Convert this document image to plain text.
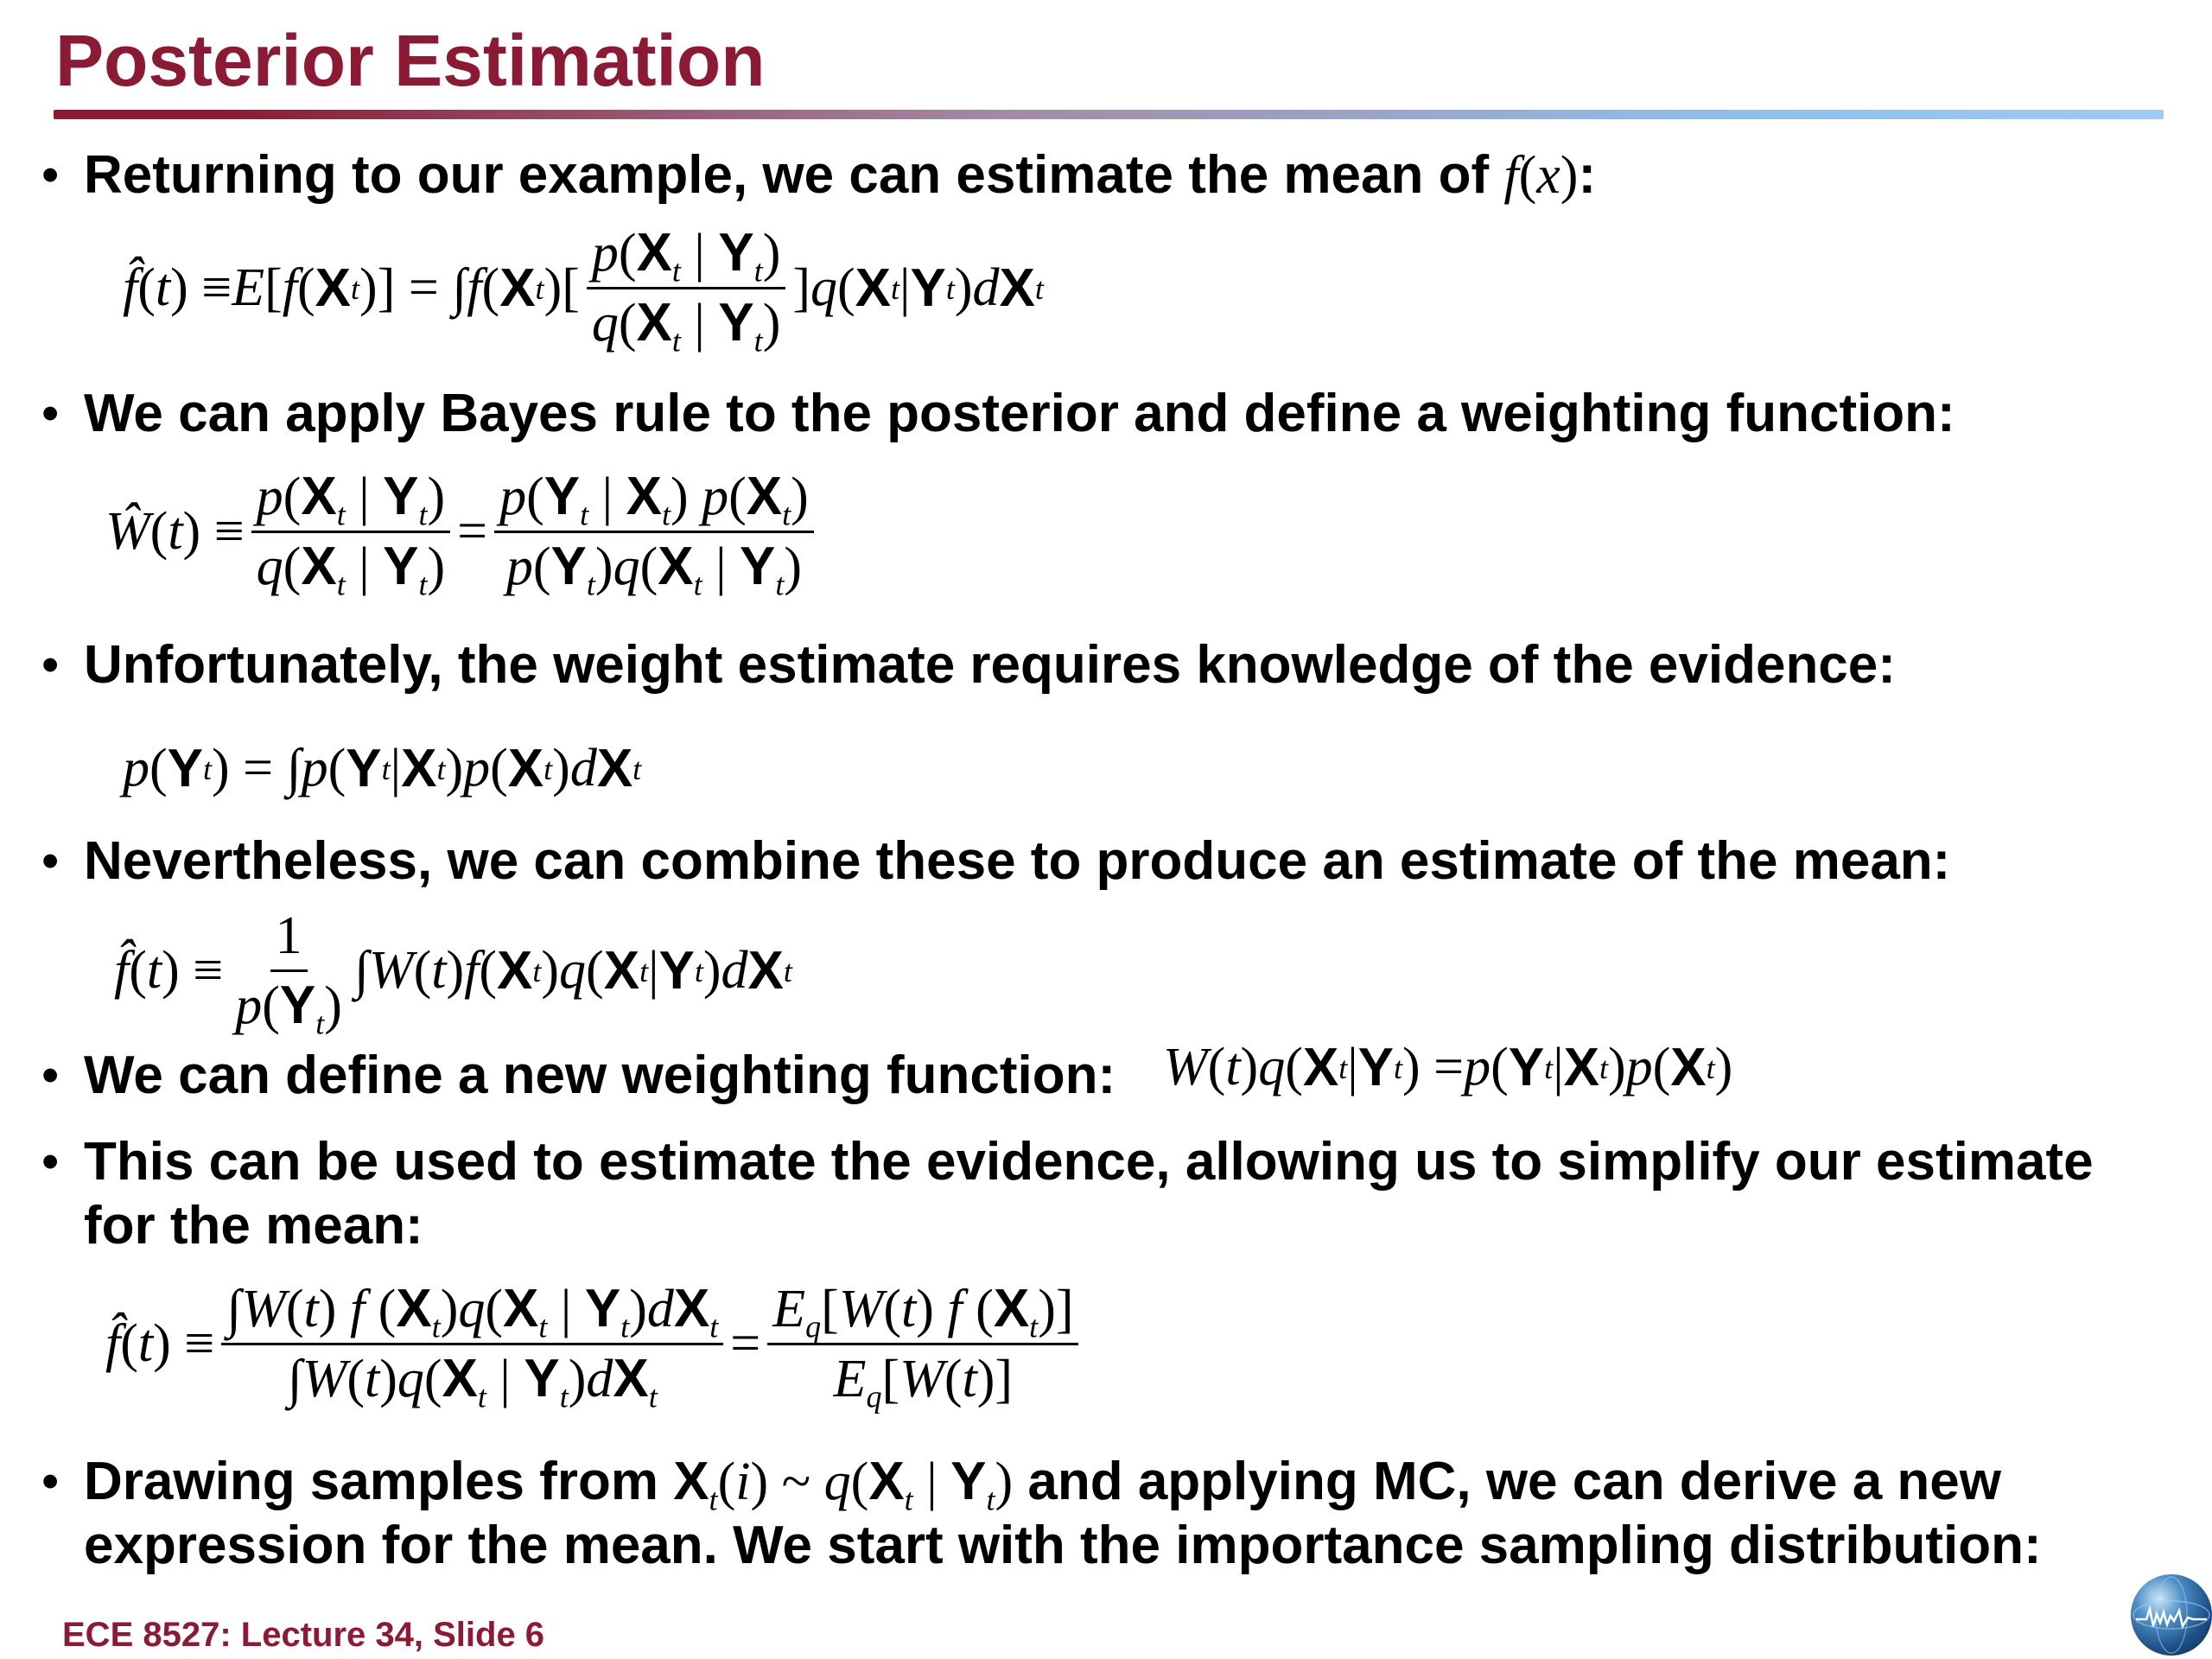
Posterior Estimation
• Returning to our example, we can estimate the mean of f(x):
f̂ ( t ) ≡ E [ f ( X t )] = ∫ f ( X t )[ $\frac{p(X_t | Y_t)}{q(X_t | Y_t)}$ ] q ( X t | Y t ) d X t
• We can apply Bayes rule to the posterior and define a weighting function:
Ŵ ( t ) ≡ $\frac{p(X_t | Y_t)}{q(X_t | Y_t)} = \frac{p(Y_t | X_t) p(X_t)}{p(Y_t)q(X_t | Y_t)}$
• Unfortunately, the weight estimate requires knowledge of the evidence:
p ( Y t ) = ∫ p ( Y t | X t ) p ( X t ) d X t
• Nevertheless, we can combine these to produce an estimate of the mean:
f̂ ( t ) ≡ $\frac{1}{p(Y_t)}$ ∫ W ( t ) f ( X t ) q ( X t | Y t ) d X t
• We can define a new weighting function: W ( t ) q ( X t | Y t ) = p ( Y t | X t ) p ( X t )
• This can be used to estimate the evidence, allowing us to simplify our estimate for the mean:
f̂ ( t ) ≡ $\frac{\int W(t) f (X_t)q(X_t | Y_t)dX_t}{\int W(t)q(X_t | Y_t)dX_t} = \frac{E_q[W(t) f (X_t)]}{E_q[W(t)]}$
• Drawing samples from $X_t(i)$ ~ $q(X_t$ | $Y_t$) and applying MC, we can derive a new expression for the mean. We start with the importance sampling distribution:
ECE 8527: Lecture 34, Slide 6
